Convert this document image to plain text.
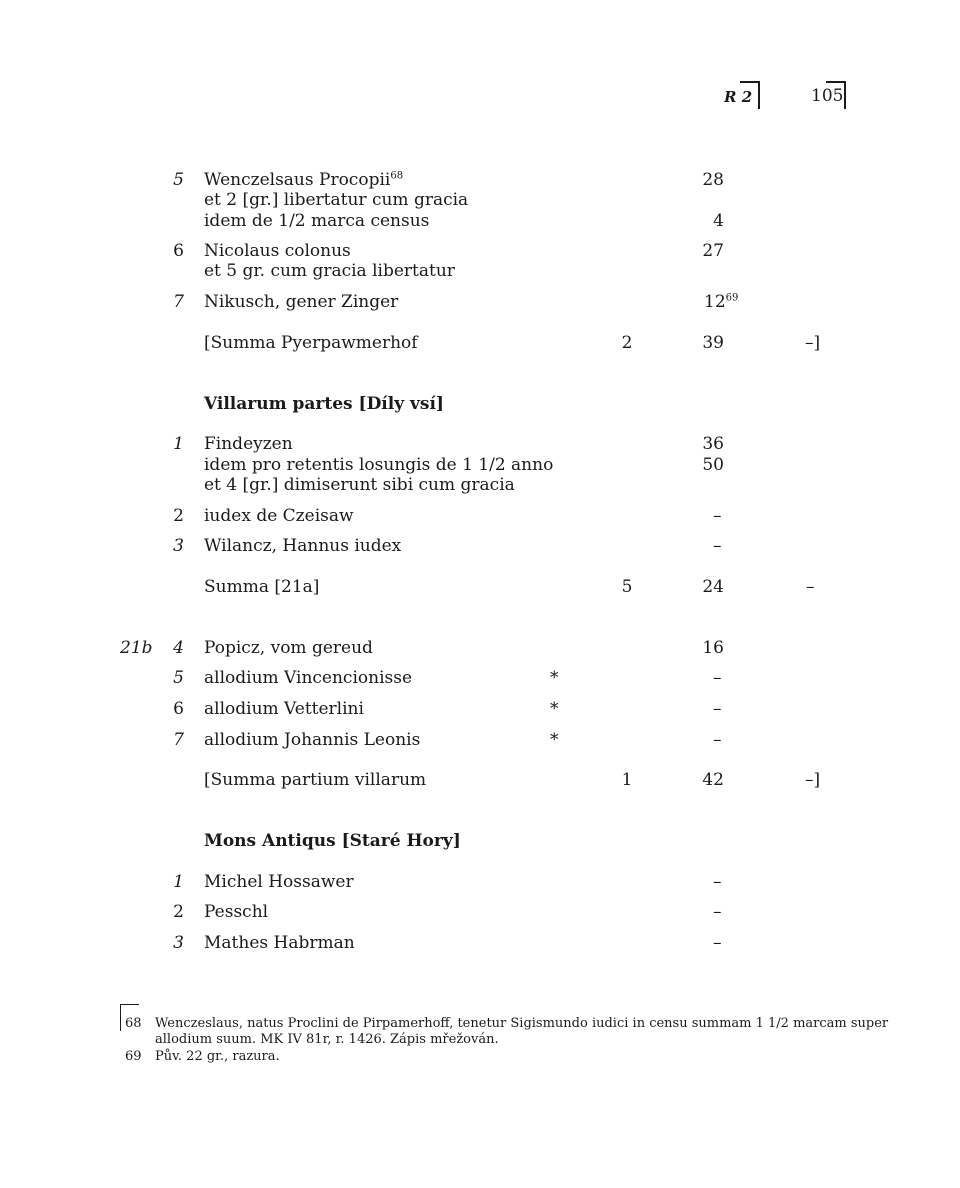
R 2	105
5 Wenczelsaus Procopii$^{68}$	28
et 2 [gr.] libertatur cum gracia
idem de 1/2 marca census	4
6 Nicolaus colonus	27
et 5 gr. cum gracia libertatur
7 Nikusch, gener Zinger	$12^{69}$
[Summa Pyerpawmerhof	2	39	–]
Villarum partes [Díly vsí]
1 Findeyzen	36
idem pro retentis losungis de 1 1/2 anno	50
et 4 [gr.] dimiserunt sibi cum gracia
2 iudex de Czeisaw	–
3 Wilancz, Hannus iudex	–
Summa [21a]	5	24	–
21b	4 Popicz, vom gereud	16
5 allodium Vincencionisse	*	–
6 allodium Vetterlini	*	–
7 allodium Johannis Leonis	*	–
[Summa partium villarum	1	42	–]
Mons Antiqus [Staré Hory]
1 Michel Hossawer	–
2 Pesschl	–
3 Mathes Habrman	–
68 Wenczeslaus, natus Proclini de Pirpamerhoff, tenetur Sigismundo iudici in censu summam 1 1/2 marcam super
allodium suum. MK IV 81r, r. 1426. Zápis mřežován.
69 Pův. 22 gr., razura.
